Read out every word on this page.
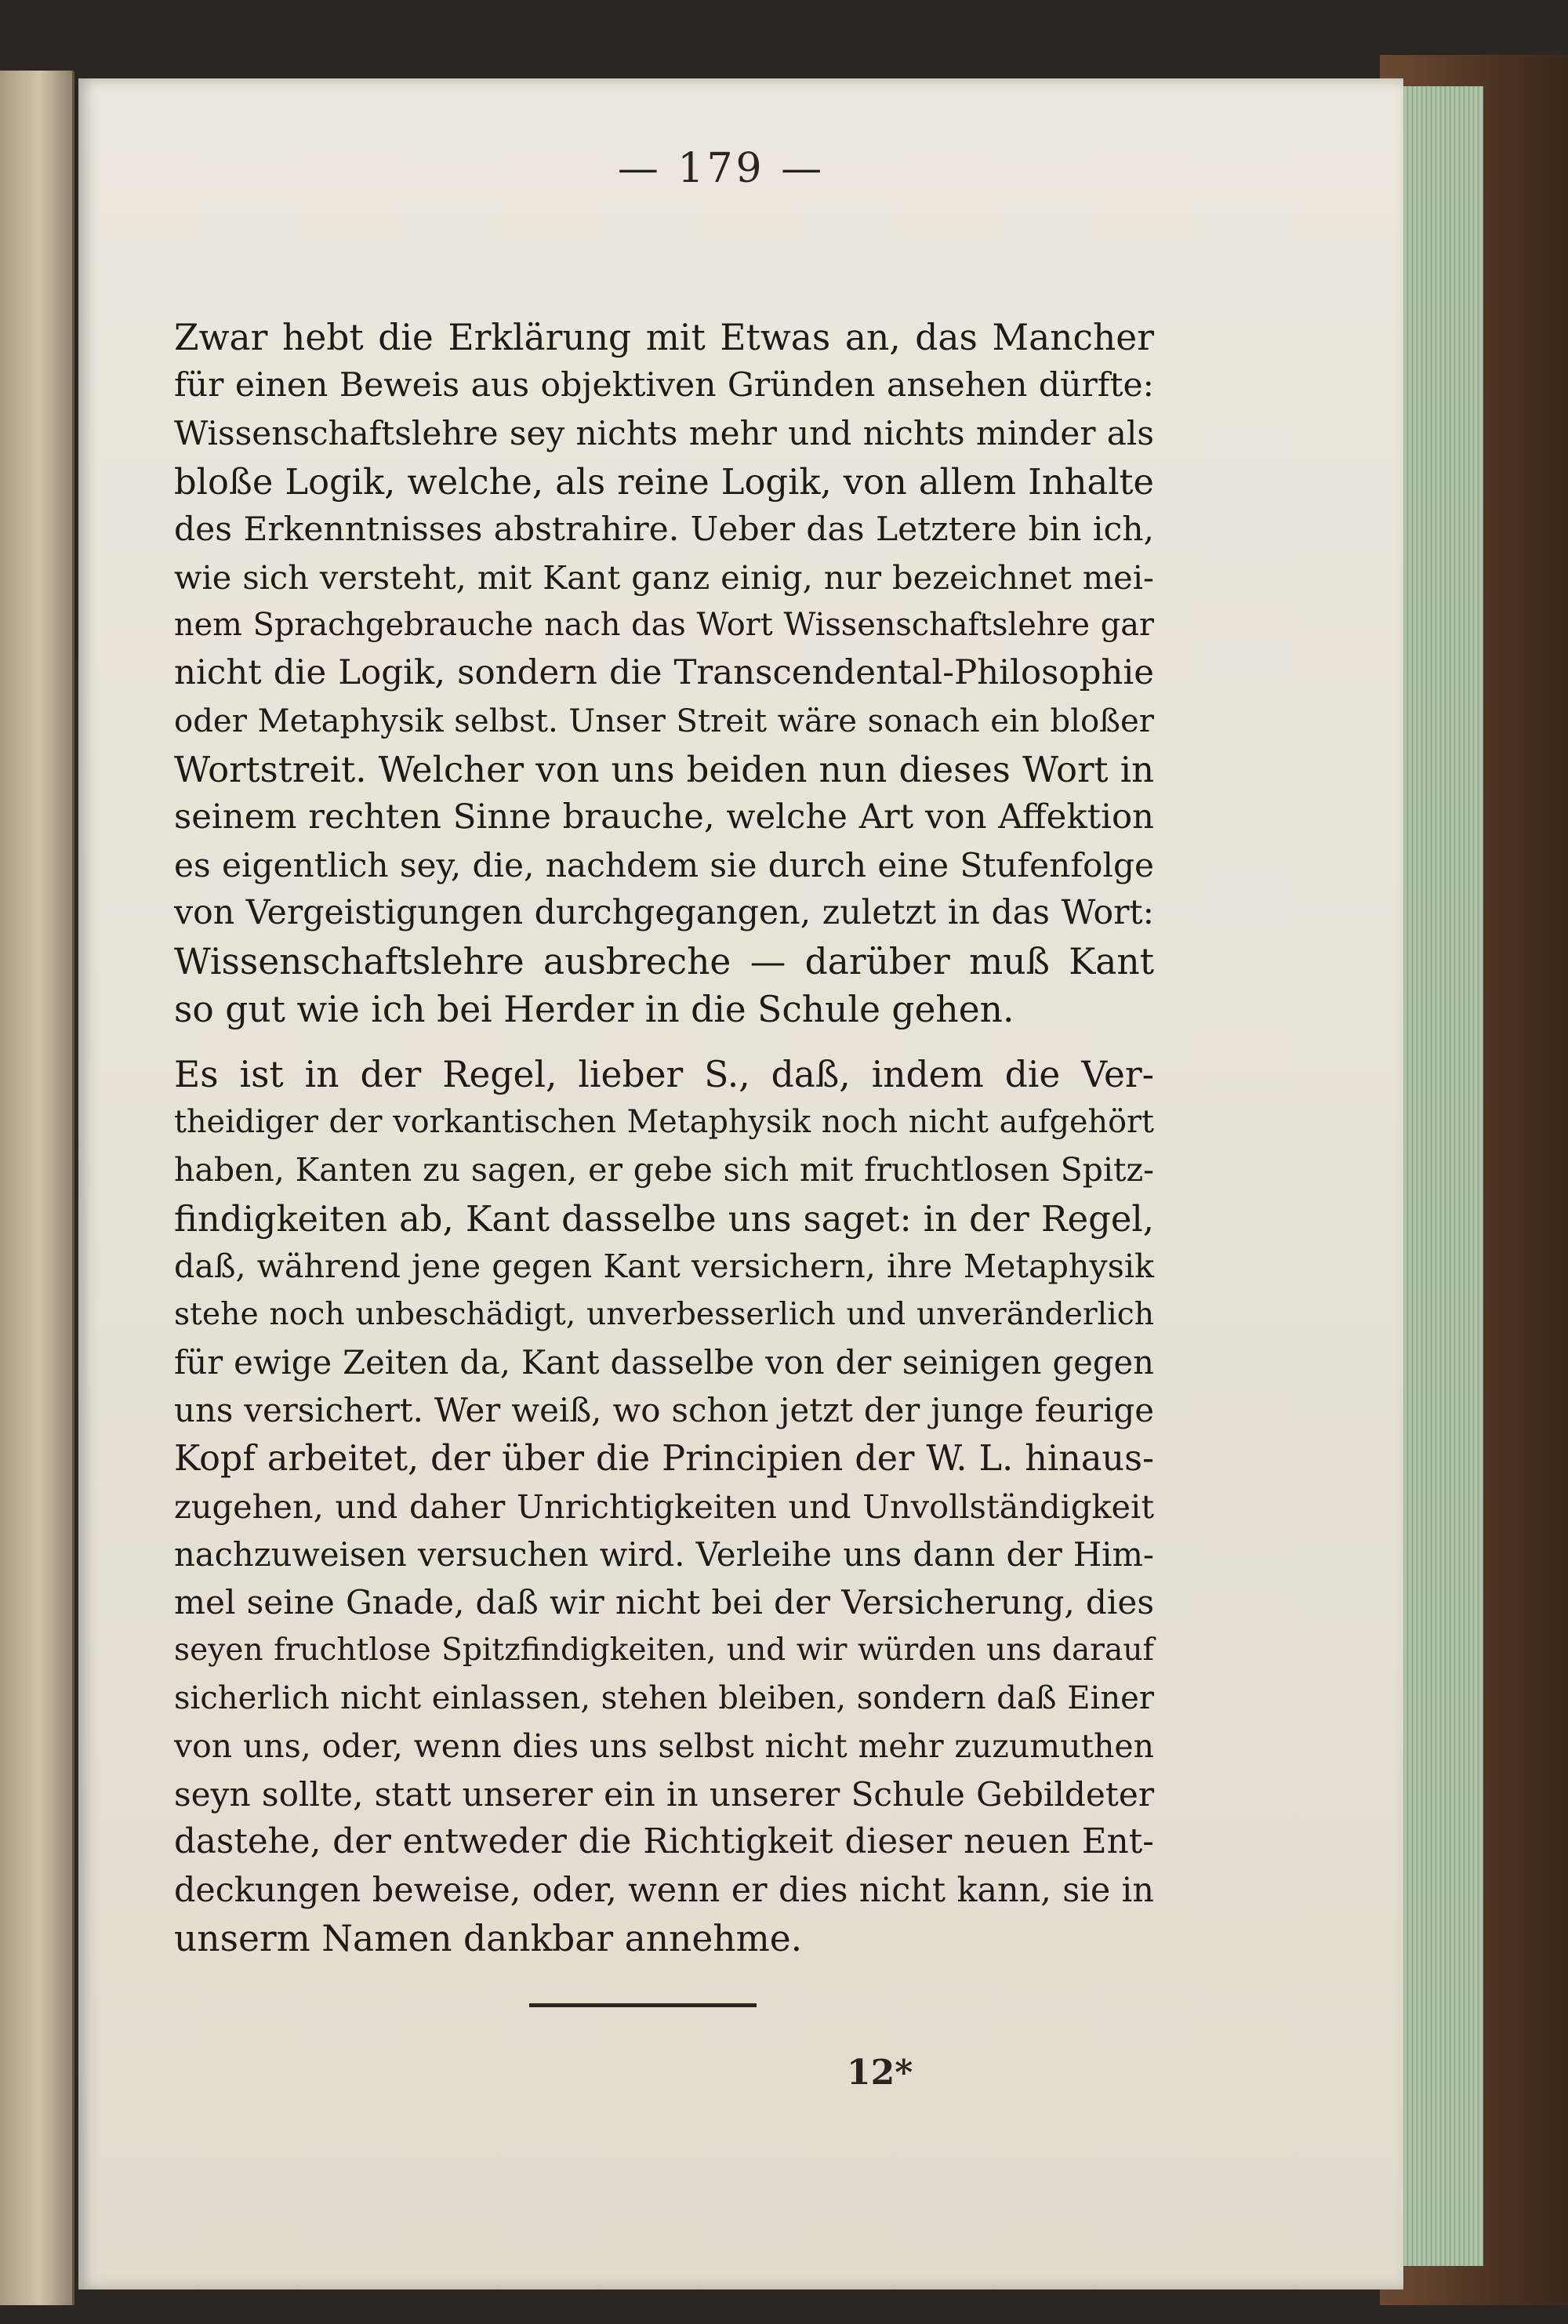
— 179 —
Zwar hebt die Erklärung mit Etwas an, das Mancher
für einen Beweis aus objektiven Gründen ansehen dürfte:
Wissenschaftslehre sey nichts mehr und nichts minder als
bloße Logik, welche, als reine Logik, von allem Inhalte
des Erkenntnisses abstrahire. Ueber das Letztere bin ich,
wie sich versteht, mit Kant ganz einig, nur bezeichnet mei-
nem Sprachgebrauche nach das Wort Wissenschaftslehre gar
nicht die Logik, sondern die Transcendental-Philosophie
oder Metaphysik selbst. Unser Streit wäre sonach ein bloßer
Wortstreit. Welcher von uns beiden nun dieses Wort in
seinem rechten Sinne brauche, welche Art von Affektion
es eigentlich sey, die, nachdem sie durch eine Stufenfolge
von Vergeistigungen durchgegangen, zuletzt in das Wort:
Wissenschaftslehre ausbreche — darüber muß Kant
so gut wie ich bei Herder in die Schule gehen.
Es ist in der Regel, lieber S., daß, indem die Ver-
theidiger der vorkantischen Metaphysik noch nicht aufgehört
haben, Kanten zu sagen, er gebe sich mit fruchtlosen Spitz-
findigkeiten ab, Kant dasselbe uns saget: in der Regel,
daß, während jene gegen Kant versichern, ihre Metaphysik
stehe noch unbeschädigt, unverbesserlich und unveränderlich
für ewige Zeiten da, Kant dasselbe von der seinigen gegen
uns versichert. Wer weiß, wo schon jetzt der junge feurige
Kopf arbeitet, der über die Principien der W. L. hinaus-
zugehen, und daher Unrichtigkeiten und Unvollständigkeit
nachzuweisen versuchen wird. Verleihe uns dann der Him-
mel seine Gnade, daß wir nicht bei der Versicherung, dies
seyen fruchtlose Spitzfindigkeiten, und wir würden uns darauf
sicherlich nicht einlassen, stehen bleiben, sondern daß Einer
von uns, oder, wenn dies uns selbst nicht mehr zuzumuthen
seyn sollte, statt unserer ein in unserer Schule Gebildeter
dastehe, der entweder die Richtigkeit dieser neuen Ent-
deckungen beweise, oder, wenn er dies nicht kann, sie in
unserm Namen dankbar annehme.
12*
